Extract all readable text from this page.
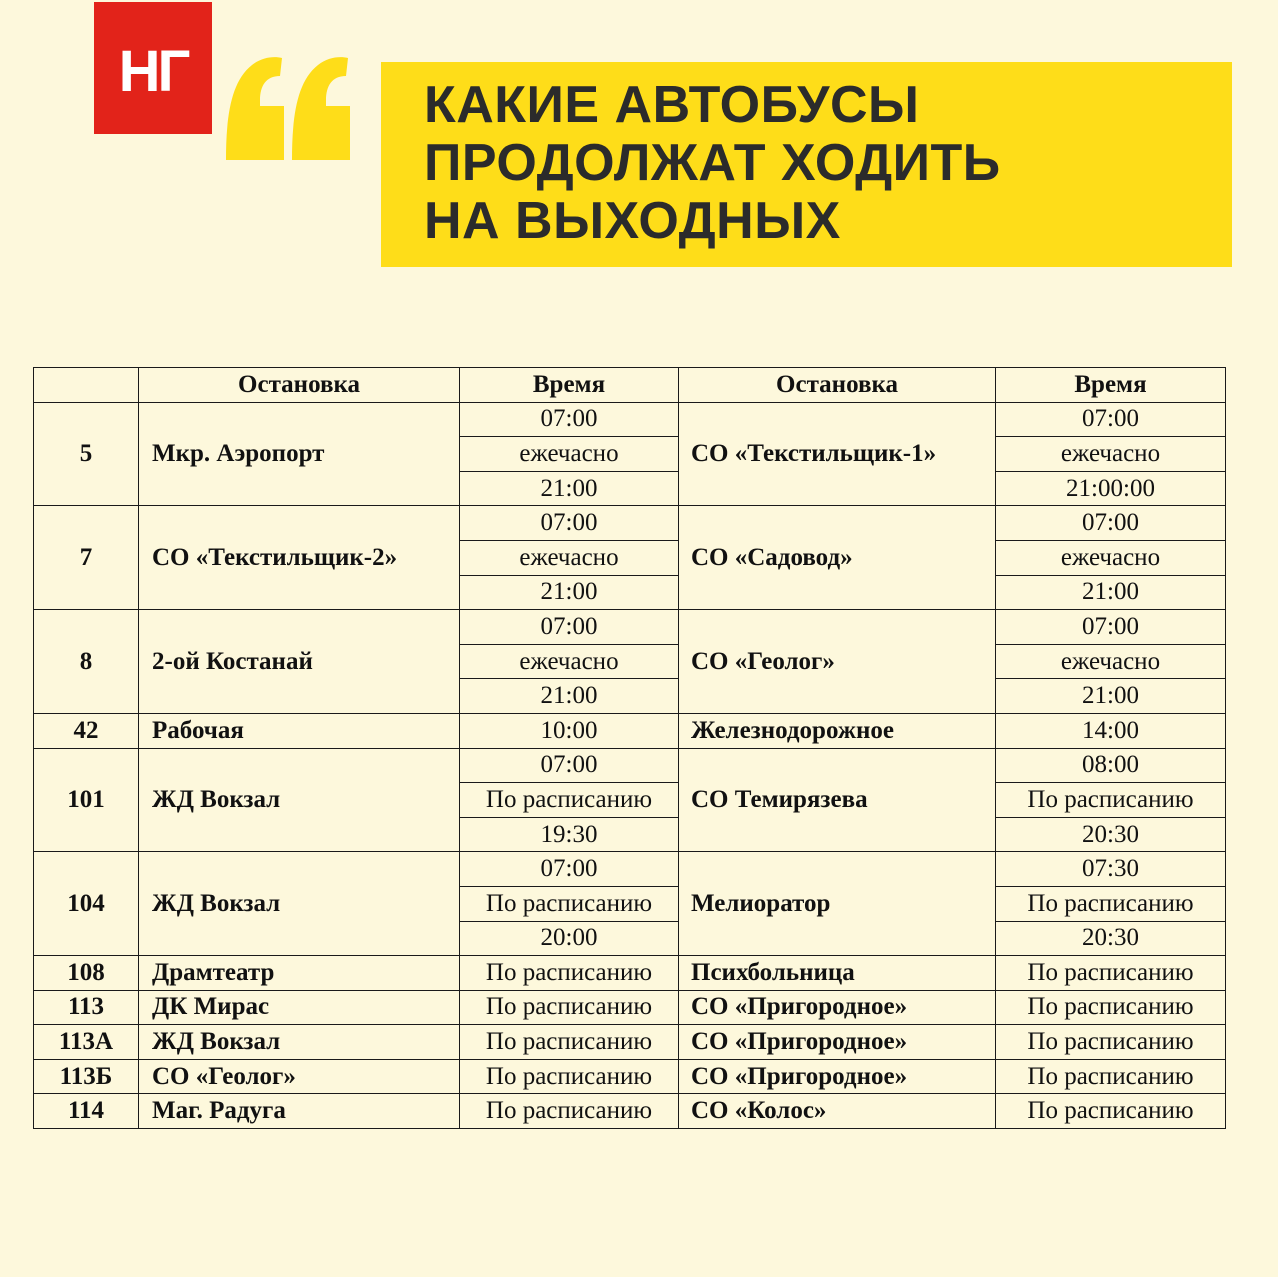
НГ
КАКИЕ АВТОБУСЫ
ПРОДОЛЖАТ ХОДИТЬ
НА ВЫХОДНЫХ
	Остановка	Время	Остановка	Время
5	Мкр. Аэропорт	07:00	СО «Текстильщик-1»	07:00
		ежечасно		ежечасно
		21:00		21:00:00
7	СО «Текстильщик-2»	07:00	СО «Садовод»	07:00
		ежечасно		ежечасно
		21:00		21:00
8	2-ой Костанай	07:00	СО «Геолог»	07:00
		ежечасно		ежечасно
		21:00		21:00
42	Рабочая	10:00	Железнодорожное	14:00
101	ЖД Вокзал	07:00	СО Темирязева	08:00
		По расписанию		По расписанию
		19:30		20:30
104	ЖД Вокзал	07:00	Мелиоратор	07:30
		По расписанию		По расписанию
		20:00		20:30
108	Драмтеатр	По расписанию	Психбольница	По расписанию
113	ДК Мирас	По расписанию	СО «Пригородное»	По расписанию
113А	ЖД Вокзал	По расписанию	СО «Пригородное»	По расписанию
113Б	СО «Геолог»	По расписанию	СО «Пригородное»	По расписанию
114	Маг. Радуга	По расписанию	СО «Колос»	По расписанию
